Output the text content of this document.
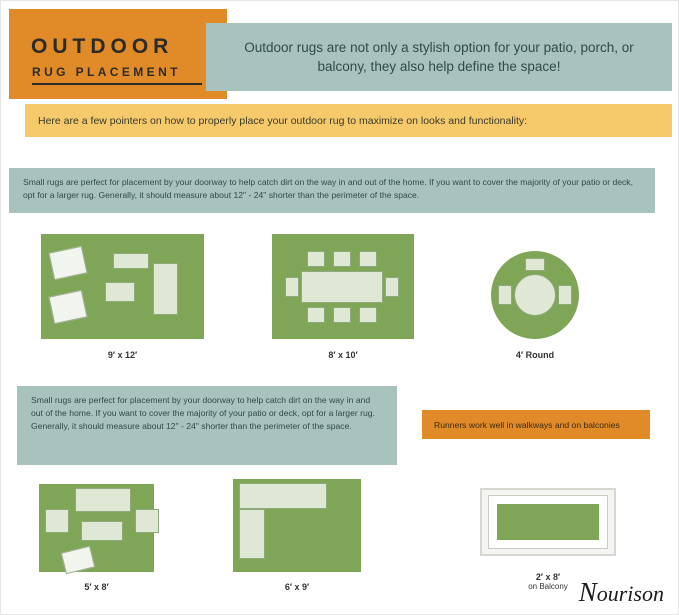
OUTDOOR
RUG PLACEMENT
Outdoor rugs are not only a stylish option for your patio, porch, or balcony, they also help define the space!
Here are a few pointers on how to properly place your outdoor rug to maximize on looks and functionality:
Small rugs are perfect for placement by your doorway to help catch dirt on the way in and out of the home. If you want to cover the majority of your patio or deck, opt for a larger rug. Generally, it should measure about 12" - 24" shorter than the perimeter of the space.
9′ x 12′	8′ x 10′	4′ Round
Small rugs are perfect for placement by your doorway to help catch dirt on the way in and out of the home. If you want to cover the majority of your patio or deck, opt for a larger rug. Generally, it should measure about 12" - 24" shorter than the perimeter of the space.	Runners work well in walkways and on balconies
5′ x 8′	6′ x 9′
2′ x 8′
on Balcony Nourison
